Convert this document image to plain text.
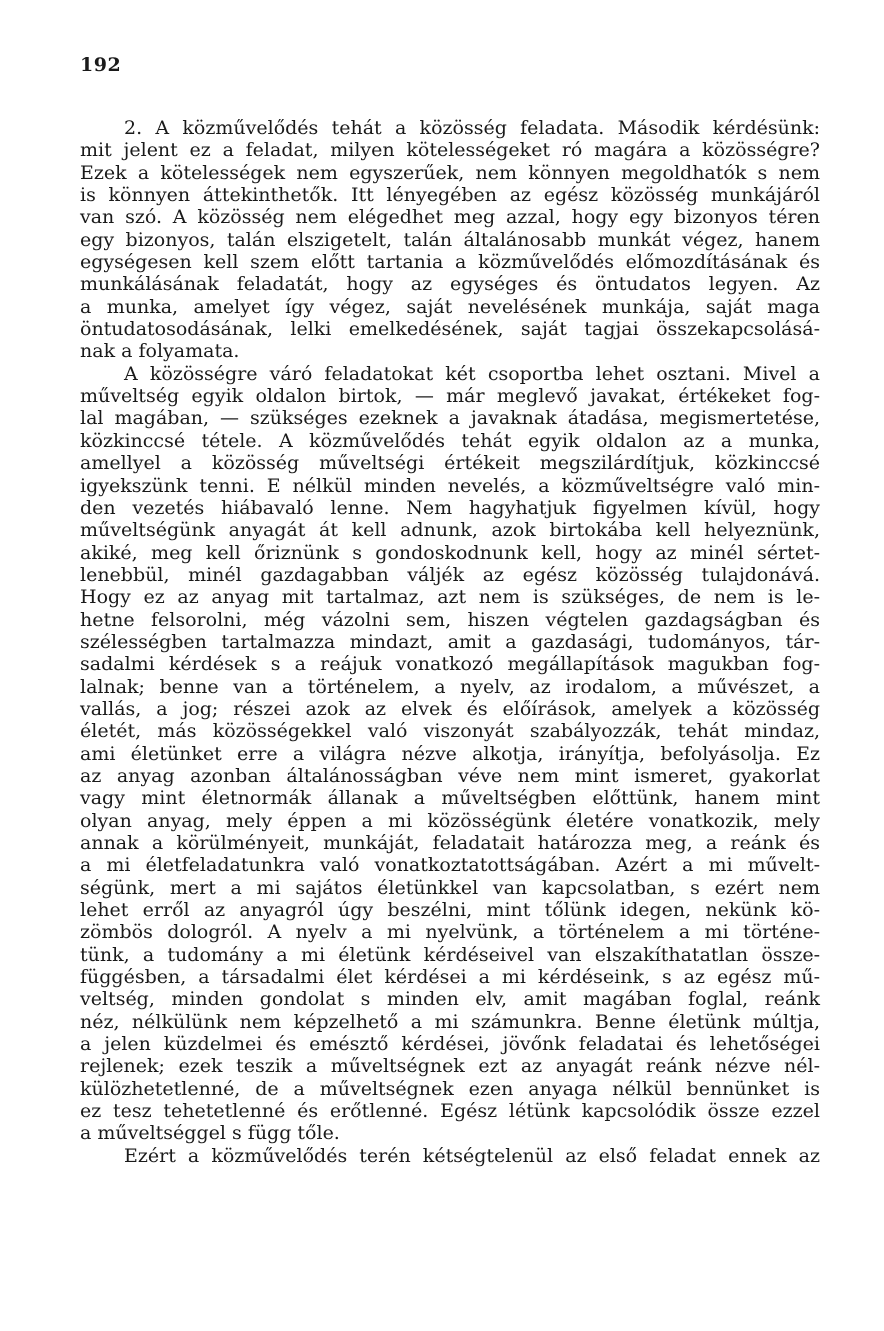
192
2. A közművelődés tehát a közösség feladata. Második kérdésünk:
mit jelent ez a feladat, milyen kötelességeket ró magára a közösségre?
Ezek a kötelességek nem egyszerűek, nem könnyen megoldhatók s nem
is könnyen áttekinthetők. Itt lényegében az egész közösség munkájáról
van szó. A közösség nem elégedhet meg azzal, hogy egy bizonyos téren
egy bizonyos, talán elszigetelt, talán általánosabb munkát végez, hanem
egységesen kell szem előtt tartania a közművelődés előmozdításának és
munkálásának feladatát, hogy az egységes és öntudatos legyen. Az
a munka, amelyet így végez, saját nevelésének munkája, saját maga
öntudatosodásának, lelki emelkedésének, saját tagjai összekapcsolásá-
nak a folyamata.
A közösségre váró feladatokat két csoportba lehet osztani. Mivel a
műveltség egyik oldalon birtok, — már meglevő javakat, értékeket fog-
lal magában, — szükséges ezeknek a javaknak átadása, megismertetése,
közkinccsé tétele. A közművelődés tehát egyik oldalon az a munka,
amellyel a közösség műveltségi értékeit megszilárdítjuk, közkinccsé
igyekszünk tenni. E nélkül minden nevelés, a közműveltségre való min-
den vezetés hiábavaló lenne. Nem hagyhatjuk figyelmen kívül, hogy
műveltségünk anyagát át kell adnunk, azok birtokába kell helyeznünk,
akiké, meg kell őriznünk s gondoskodnunk kell, hogy az minél sértet-
lenebbül, minél gazdagabban váljék az egész közösség tulajdonává.
Hogy ez az anyag mit tartalmaz, azt nem is szükséges, de nem is le-
hetne felsorolni, még vázolni sem, hiszen végtelen gazdagságban és
szélességben tartalmazza mindazt, amit a gazdasági, tudományos, tár-
sadalmi kérdések s a reájuk vonatkozó megállapítások magukban fog-
lalnak; benne van a történelem, a nyelv, az irodalom, a művészet, a
vallás, a jog; részei azok az elvek és előírások, amelyek a közösség
életét, más közösségekkel való viszonyát szabályozzák, tehát mindaz,
ami életünket erre a világra nézve alkotja, irányítja, befolyásolja. Ez
az anyag azonban általánosságban véve nem mint ismeret, gyakorlat
vagy mint életnormák állanak a műveltségben előttünk, hanem mint
olyan anyag, mely éppen a mi közösségünk életére vonatkozik, mely
annak a körülményeit, munkáját, feladatait határozza meg, a reánk és
a mi életfeladatunkra való vonatkoztatottságában. Azért a mi művelt-
ségünk, mert a mi sajátos életünkkel van kapcsolatban, s ezért nem
lehet erről az anyagról úgy beszélni, mint tőlünk idegen, nekünk kö-
zömbös dologról. A nyelv a mi nyelvünk, a történelem a mi történe-
tünk, a tudomány a mi életünk kérdéseivel van elszakíthatatlan össze-
függésben, a társadalmi élet kérdései a mi kérdéseink, s az egész mű-
veltség, minden gondolat s minden elv, amit magában foglal, reánk
néz, nélkülünk nem képzelhető a mi számunkra. Benne életünk múltja,
a jelen küzdelmei és emésztő kérdései, jövőnk feladatai és lehetőségei
rejlenek; ezek teszik a műveltségnek ezt az anyagát reánk nézve nél-
külözhetetlenné, de a műveltségnek ezen anyaga nélkül bennünket is
ez tesz tehetetlenné és erőtlenné. Egész létünk kapcsolódik össze ezzel
a műveltséggel s függ tőle.
Ezért a közművelődés terén kétségtelenül az első feladat ennek az
